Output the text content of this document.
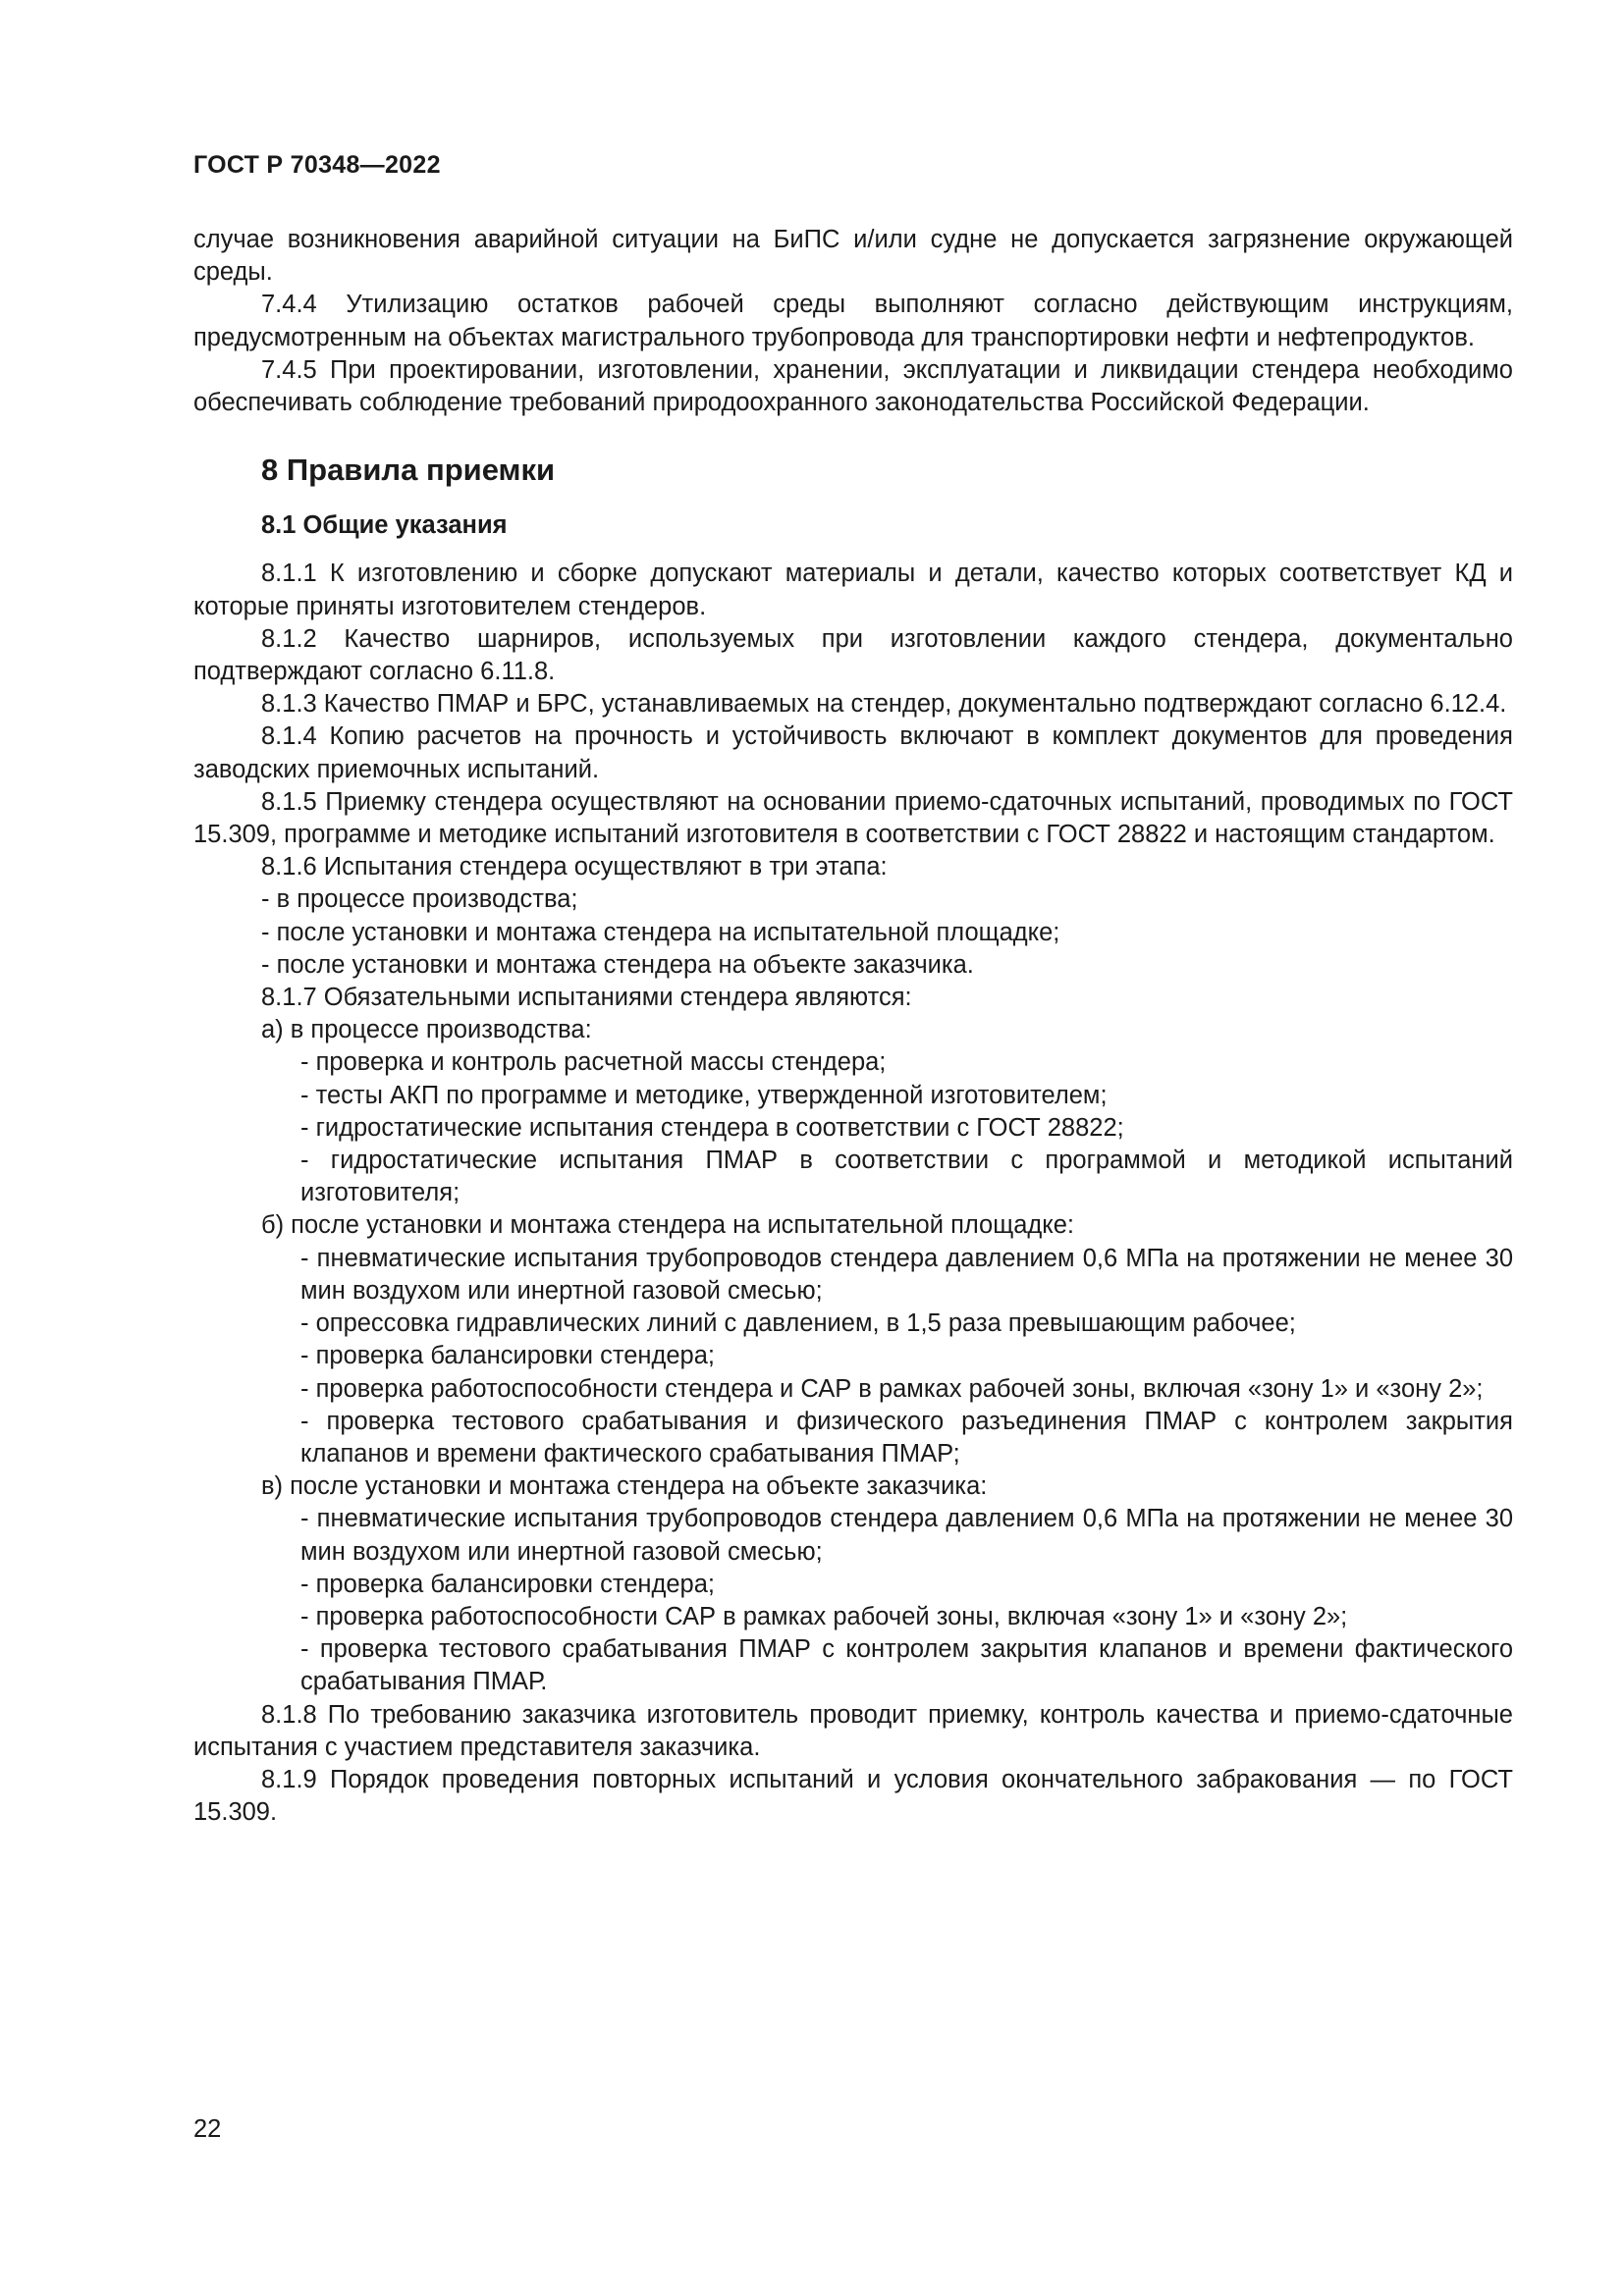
ГОСТ Р 70348—2022

случае возникновения аварийной ситуации на БиПС и/или судне не допускается загрязнение окружающей среды.

7.4.4 Утилизацию остатков рабочей среды выполняют согласно действующим инструкциям, предусмотренным на объектах магистрального трубопровода для транспортировки нефти и нефтепродуктов.

7.4.5 При проектировании, изготовлении, хранении, эксплуатации и ликвидации стендера необходимо обеспечивать соблюдение требований природоохранного законодательства Российской Федерации.

8 Правила приемки

8.1 Общие указания

8.1.1 К изготовлению и сборке допускают материалы и детали, качество которых соответствует КД и которые приняты изготовителем стендеров.

8.1.2 Качество шарниров, используемых при изготовлении каждого стендера, документально подтверждают согласно 6.11.8.

8.1.3 Качество ПМАР и БРС, устанавливаемых на стендер, документально подтверждают согласно 6.12.4.

8.1.4 Копию расчетов на прочность и устойчивость включают в комплект документов для проведения заводских приемочных испытаний.

8.1.5 Приемку стендера осуществляют на основании приемо-сдаточных испытаний, проводимых по ГОСТ 15.309, программе и методике испытаний изготовителя в соответствии с ГОСТ 28822 и настоящим стандартом.

8.1.6 Испытания стендера осуществляют в три этапа:

- в процессе производства;

- после установки и монтажа стендера на испытательной площадке;

- после установки и монтажа стендера на объекте заказчика.

8.1.7 Обязательными испытаниями стендера являются:

а) в процессе производства:

- проверка и контроль расчетной массы стендера;

- тесты АКП по программе и методике, утвержденной изготовителем;

- гидростатические испытания стендера в соответствии с ГОСТ 28822;

- гидростатические испытания ПМАР в соответствии с программой и методикой испытаний изготовителя;

б) после установки и монтажа стендера на испытательной площадке:

- пневматические испытания трубопроводов стендера давлением 0,6 МПа на протяжении не менее 30 мин воздухом или инертной газовой смесью;

- опрессовка гидравлических линий с давлением, в 1,5 раза превышающим рабочее;

- проверка балансировки стендера;

- проверка работоспособности стендера и САР в рамках рабочей зоны, включая «зону 1» и «зону 2»;

- проверка тестового срабатывания и физического разъединения ПМАР с контролем закрытия клапанов и времени фактического срабатывания ПМАР;

в) после установки и монтажа стендера на объекте заказчика:

- пневматические испытания трубопроводов стендера давлением 0,6 МПа на протяжении не менее 30 мин воздухом или инертной газовой смесью;

- проверка балансировки стендера;

- проверка работоспособности САР в рамках рабочей зоны, включая «зону 1» и «зону 2»;

- проверка тестового срабатывания ПМАР с контролем закрытия клапанов и времени фактического срабатывания ПМАР.

8.1.8 По требованию заказчика изготовитель проводит приемку, контроль качества и приемо-сдаточные испытания с участием представителя заказчика.

8.1.9 Порядок проведения повторных испытаний и условия окончательного забракования — по ГОСТ 15.309.

22
